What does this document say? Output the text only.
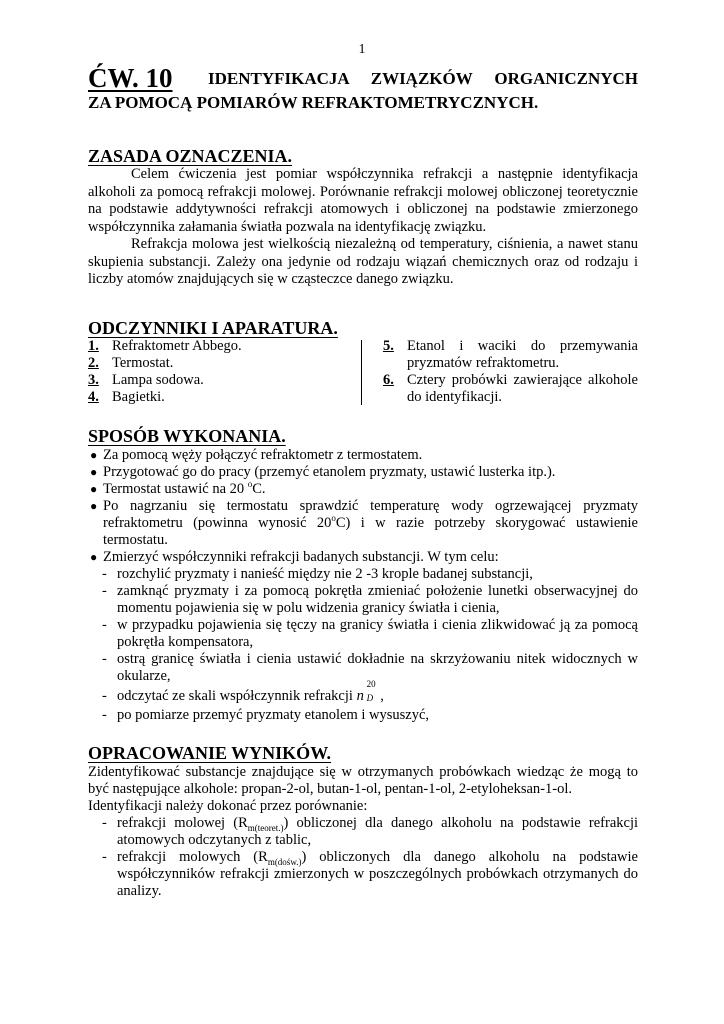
1
ĆW. 10 IDENTYFIKACJA ZWIĄZKÓW ORGANICZNYCH
ZA POMOCĄ POMIARÓW REFRAKTOMETRYCZNYCH.
ZASADA OZNACZENIA.

Celem ćwiczenia jest pomiar współczynnika refrakcji a następnie identyfikacja alkoholi za pomocą refrakcji molowej. Porównanie refrakcji molowej obliczonej teoretycznie na podstawie addytywności refrakcji atomowych i obliczonej na podstawie zmierzonego współczynnika załamania światła pozwala na identyfikację związku.

Refrakcja molowa jest wielkością niezależną od temperatury, ciśnienia, a nawet stanu skupienia substancji. Zależy ona jedynie od rodzaju wiązań chemicznych oraz od rodzaju i liczby atomów znajdujących się w cząsteczce danego związku.

ODCZYNNIKI I APARATURA.
1. Refraktometr Abbego.
2. Termostat.
3. Lampa sodowa.
4. Bagietki.
5. Etanol i waciki do przemywania pryzmatów refraktometru.
6. Cztery probówki zawierające alkohole do identyfikacji.
SPOSÓB WYKONANIA.
● Za pomocą węży połączyć refraktometr z termostatem.
● Przygotować go do pracy (przemyć etanolem pryzmaty, ustawić lusterka itp.).
● Termostat ustawić na 20 $^o$C.
● Po nagrzaniu się termostatu sprawdzić temperaturę wody ogrzewającej pryzmaty refraktometru (powinna wynosić 20$^o$C) i w razie potrzeby skorygować ustawienie termostatu.
● Zmierzyć współczynniki refrakcji badanych substancji. W tym celu:
- rozchylić pryzmaty i nanieść między nie 2 -3 krople badanej substancji,
- zamknąć pryzmaty i za pomocą pokrętła zmieniać położenie lunetki obserwacyjnej do momentu pojawienia się w polu widzenia granicy światła i cienia,
- w przypadku pojawienia się tęczy na granicy światła i cienia zlikwidować ją za pomocą pokrętła kompensatora,
- ostrą granicę światła i cienia ustawić dokładnie na skrzyżowaniu nitek widocznych w okularze,
- odczytać ze skali współczynnik refrakcji n
20
D ,
- po pomiarze przemyć pryzmaty etanolem i wysuszyć,
OPRACOWANIE WYNIKÓW.
Zidentyfikować substancje znajdujące się w otrzymanych probówkach wiedząc że mogą to być następujące alkohole: propan-2-ol, butan-1-ol, pentan-1-ol, 2-etyloheksan-1-ol.
Identyfikacji należy dokonać przez porównanie:
- refrakcji molowej $(R_{m(teoret.)})$ obliczonej dla danego alkoholu na podstawie refrakcji atomowych odczytanych z tablic,
- refrakcji molowych $(R_{m(dośw.)})$ obliczonych dla danego alkoholu na podstawie współczynników refrakcji zmierzonych w poszczególnych probówkach otrzymanych do analizy.
